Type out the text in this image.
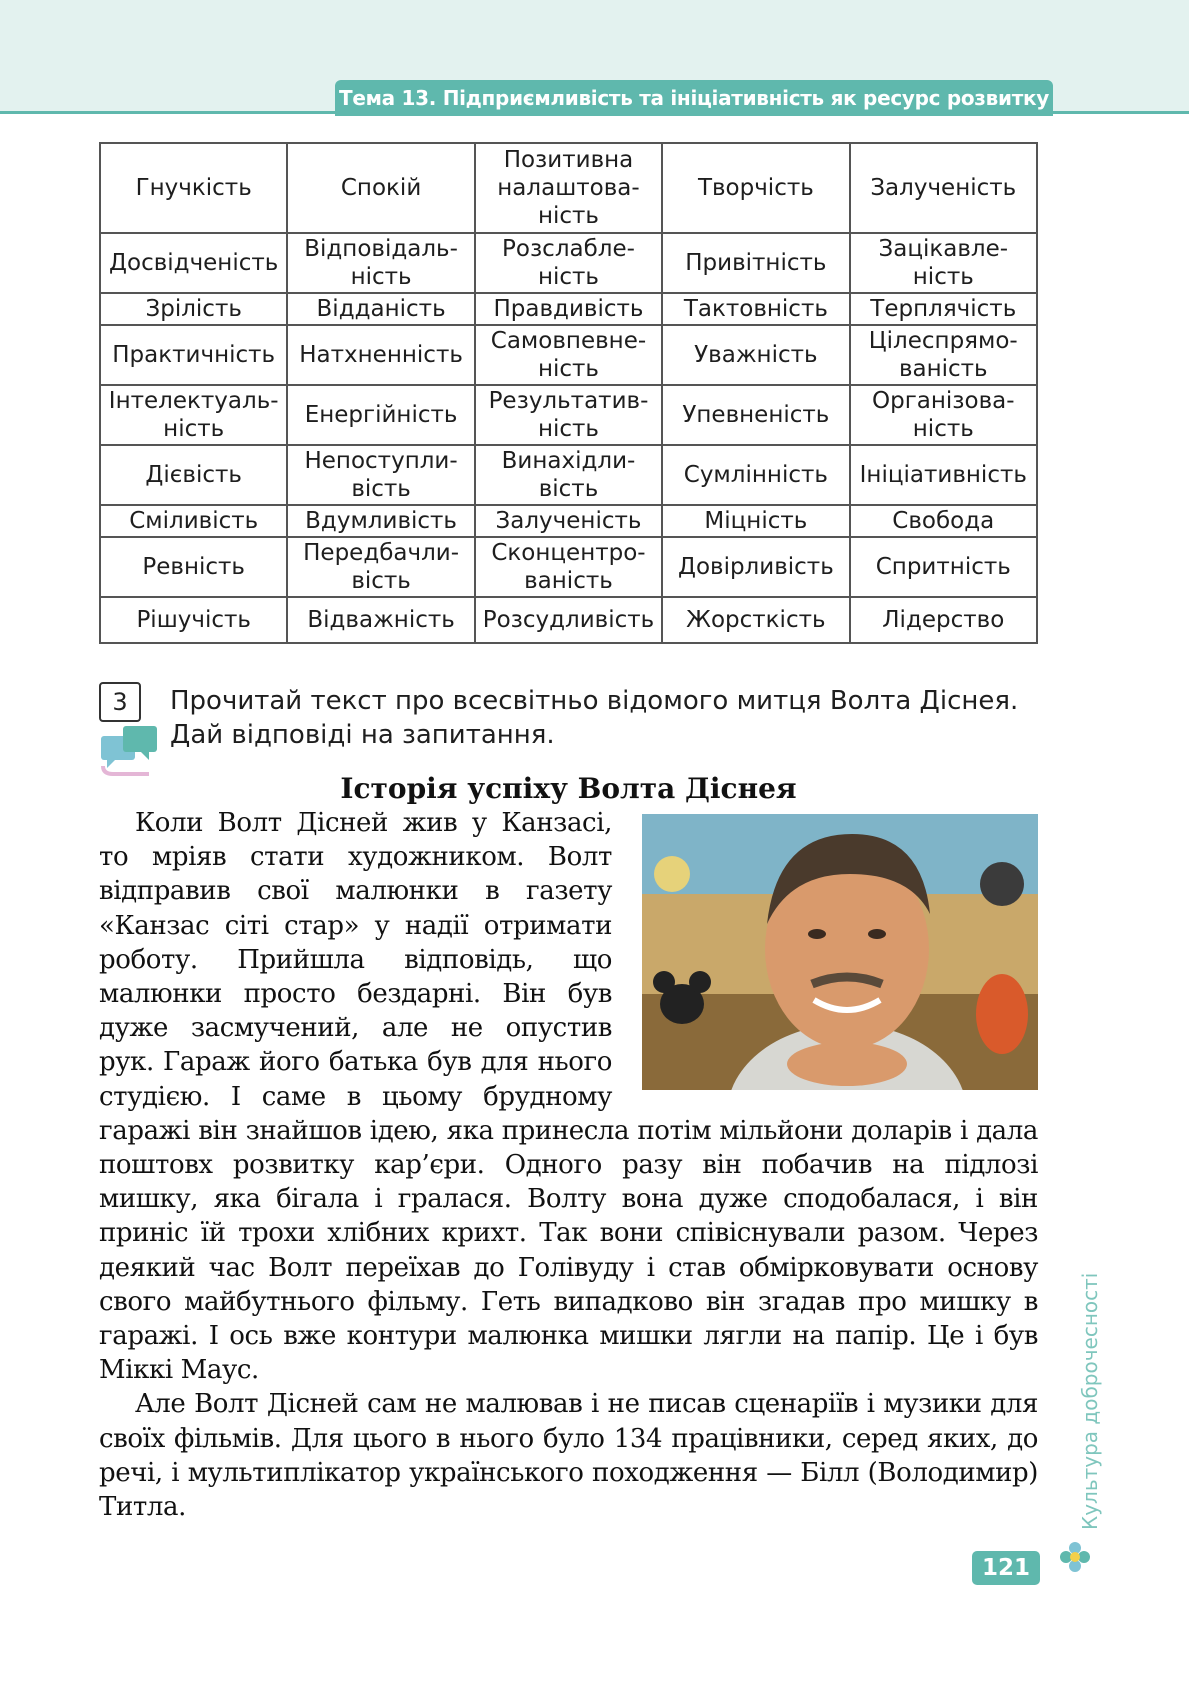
Тема 13. Підприємливість та ініціативність як ресурс розвитку
Гнучкість	Спокій	Позитивна налаштова-ність	Творчість	Залученість
Досвідченість	Відповідаль-ність	Розслабле-ність	Привітність	Зацікавле-ність
Зрілість	Відданість	Правдивість	Тактовність	Терплячість
Практичність	Натхненність	Самовпевне-ність	Уважність	Цілеспрямо-ваність
Інтелектуаль-ність	Енергійність	Результатив-ність	Упевненість	Організова-ність
Дієвість	Непоступли-вість	Винахідли-вість	Сумлінність	Ініціативність
Сміливість	Вдумливість	Залученість	Міцність	Свобода
Ревність	Передбачли-вість	Сконцентро-ваність	Довірливість	Спритність
Рішучість	Відважність	Розсудливість	Жорсткість	Лідерство
3	Прочитай текст про всесвітньо відомого митця Волта Діснея. Дай відповіді на запитання.
Історія успіху Волта Діснея

Коли Волт Дісней жив у Канзасі, то мріяв стати художником. Волт відправив свої малюнки в газету «Канзас сіті стар» у надії отримати роботу. Прийшла відповідь, що малюнки просто бездарні. Він був дуже засмучений, але не опустив рук. Гараж його батька був для нього студією. І саме в цьому брудному гаражі він знайшов ідею, яка принесла потім мільйони доларів і дала поштовх розвитку кар’єри. Одного разу він побачив на підлозі мишку, яка бігала і гралася. Волту вона дуже сподобалася, і він приніс їй трохи хлібних крихт. Так вони співіснували разом. Через деякий час Волт переїхав до Голівуду і став обмірковувати основу свого майбутнього фільму. Геть випадково він згадав про мишку в гаражі. І ось вже контури малюнка мишки лягли на папір. Це і був Міккі Маус.

Але Волт Дісней сам не малював і не писав сценаріїв і музики для своїх фільмів. Для цього в нього було 134 працівники, серед яких, до речі, і мультиплікатор українського походження — Білл (Володимир) Титла.	Культура доброчесності
121
